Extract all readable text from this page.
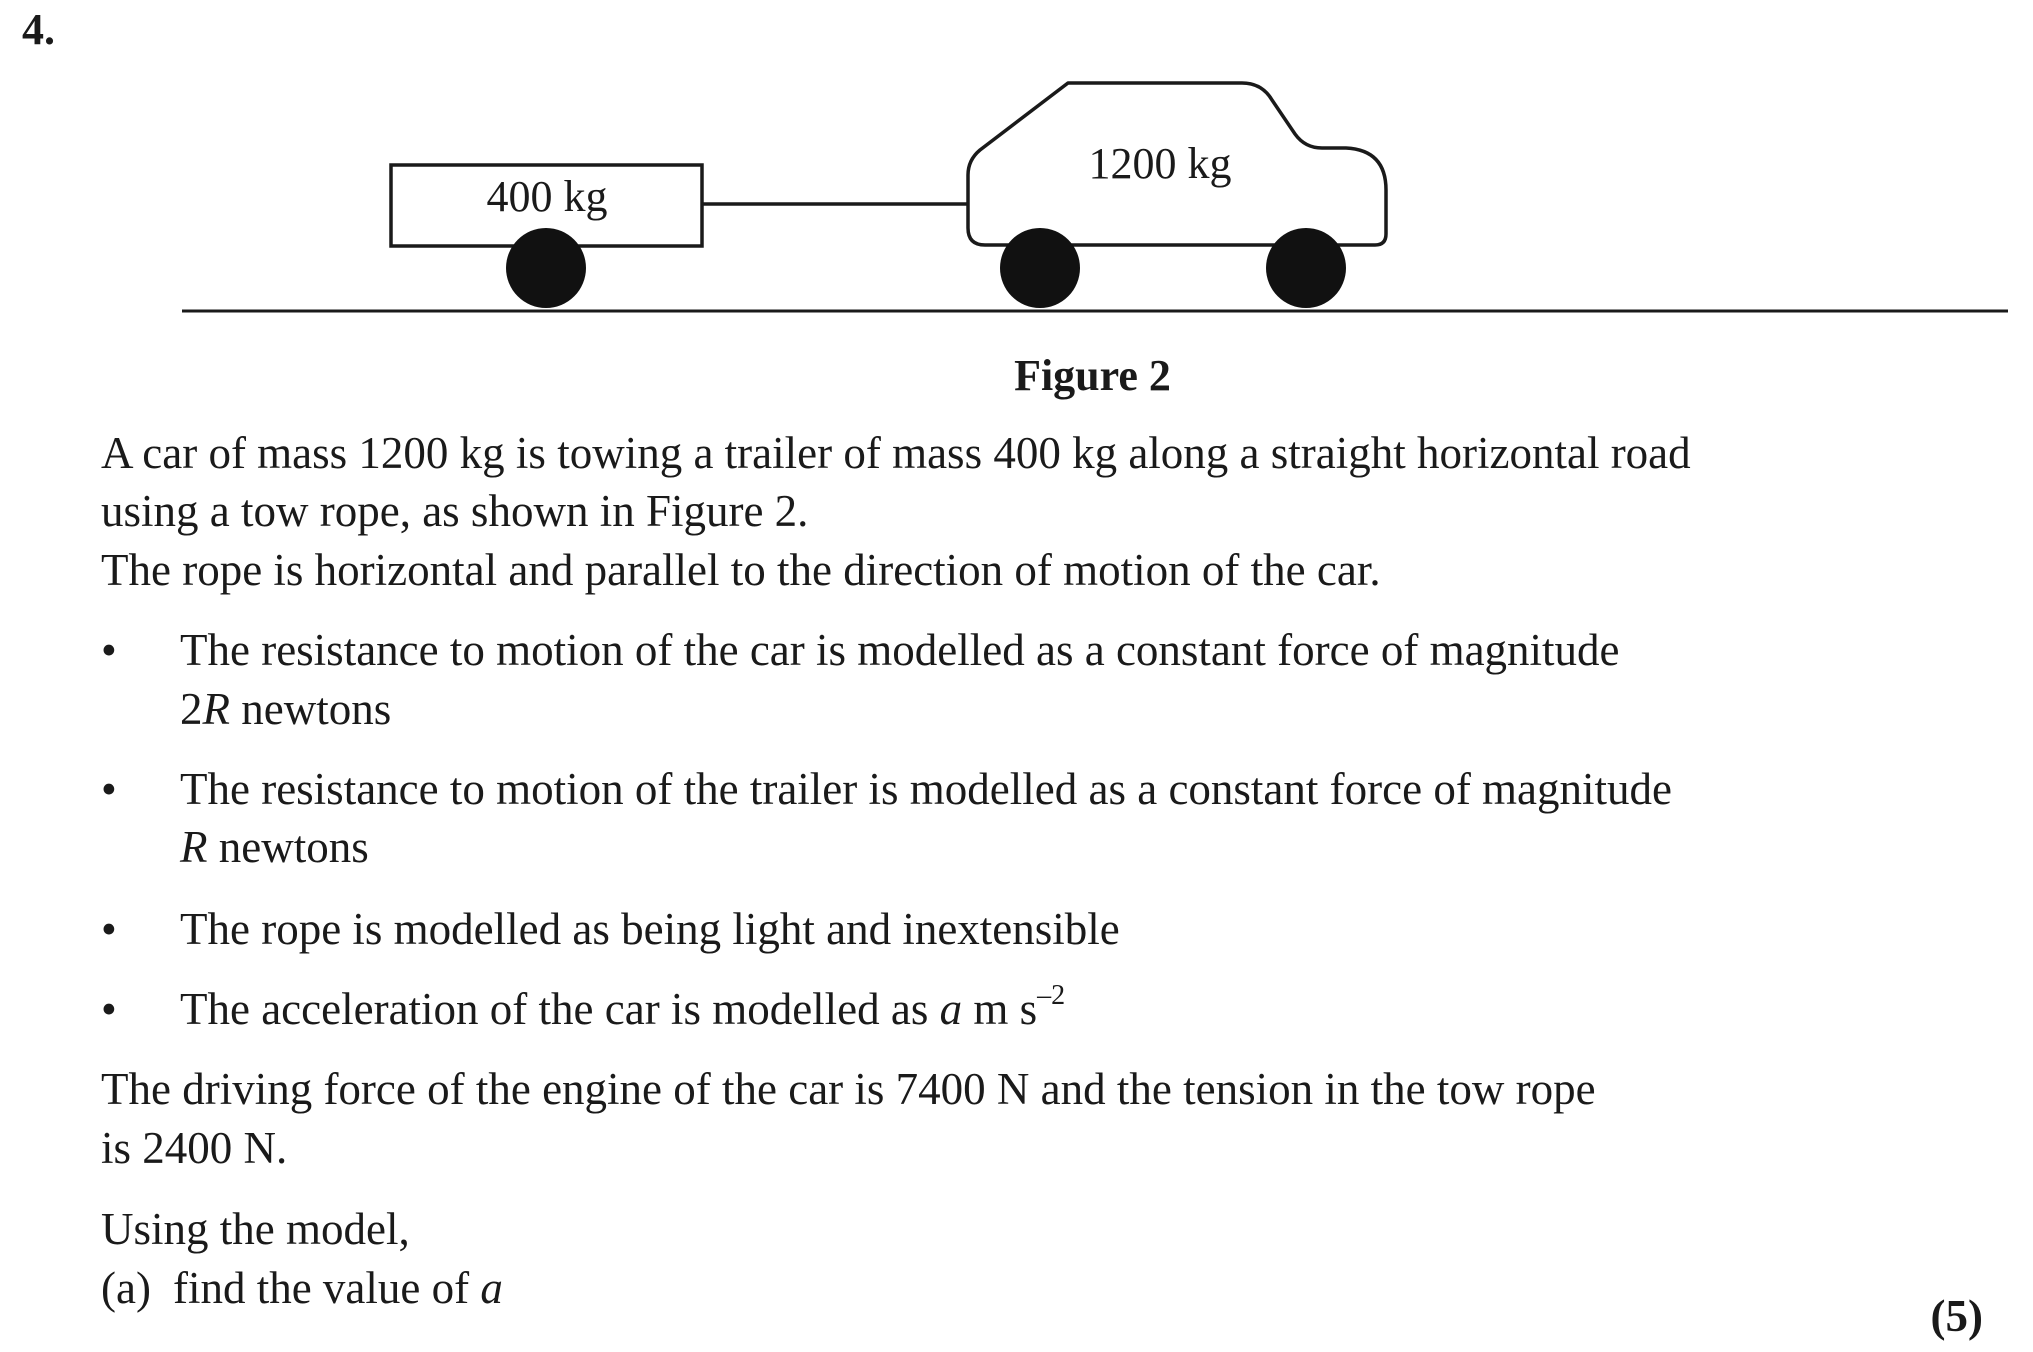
4.
400 kg
1200 kg
Figure 2
A car of mass 1200 kg is towing a trailer of mass 400 kg along a straight horizontal road
using a tow rope, as shown in Figure 2.
The rope is horizontal and parallel to the direction of motion of the car.
• The resistance to motion of the car is modelled as a constant force of magnitude
2R newtons
• The resistance to motion of the trailer is modelled as a constant force of magnitude
R newtons
• The rope is modelled as being light and inextensible
• The acceleration of the car is modelled as a m $s^{-2}$
The driving force of the engine of the car is 7400 N and the tension in the tow rope
is 2400 N.
Using the model,
(a) find the value of a
(5)
